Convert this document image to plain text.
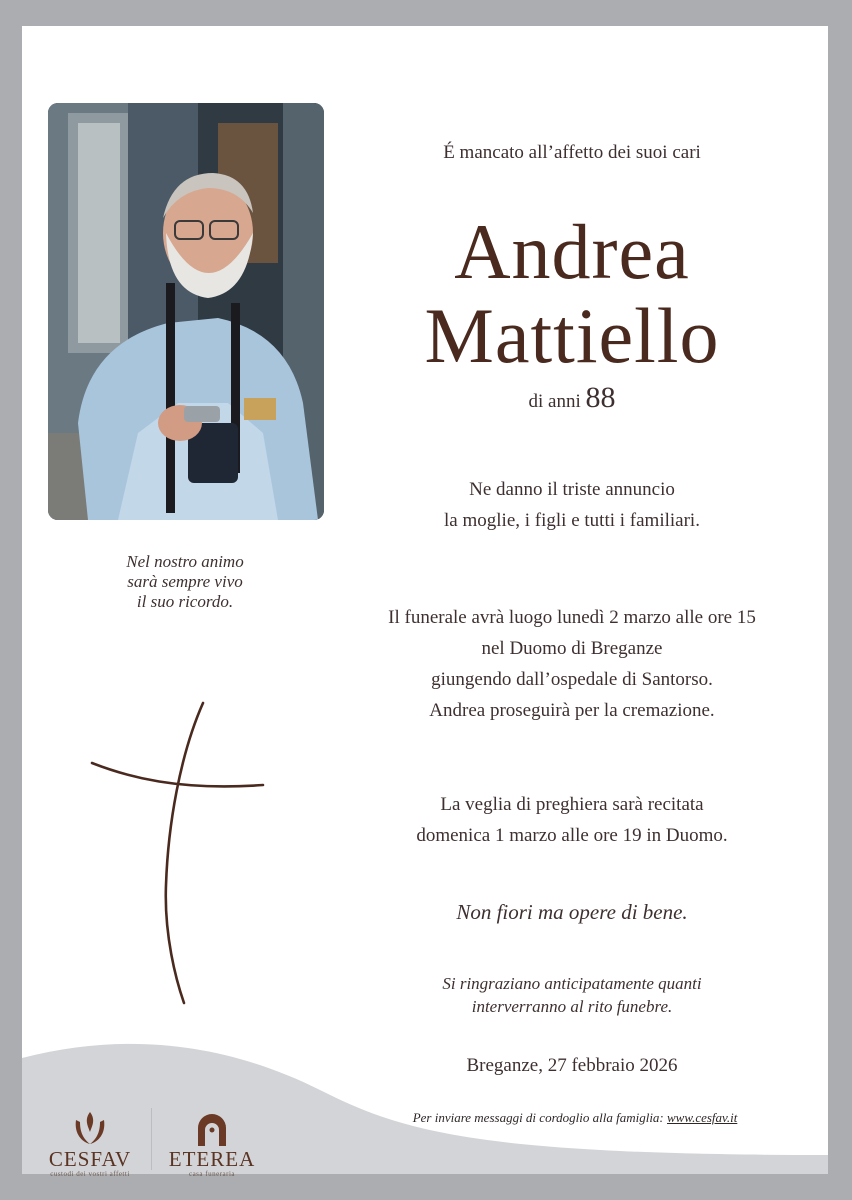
Nel nostro animo
sarà sempre vivo
il suo ricordo.
É mancato all’affetto dei suoi cari
Andrea
Mattiello
di anni 88
Ne danno il triste annuncio
la moglie, i figli e tutti i familiari.
Il funerale avrà luogo lunedì 2 marzo alle ore 15
nel Duomo di Breganze
giungendo dall’ospedale di Santorso.
Andrea proseguirà per la cremazione.
La veglia di preghiera sarà recitata
domenica 1 marzo alle ore 19 in Duomo.
Non fiori ma opere di bene.
Si ringraziano anticipatamente quanti
interverranno al rito funebre.
Breganze, 27 febbraio 2026
Per inviare messaggi di cordoglio alla famiglia: www.cesfav.it
CESFAV
custodi dei vostri affetti
ETEREA
casa funeraria
